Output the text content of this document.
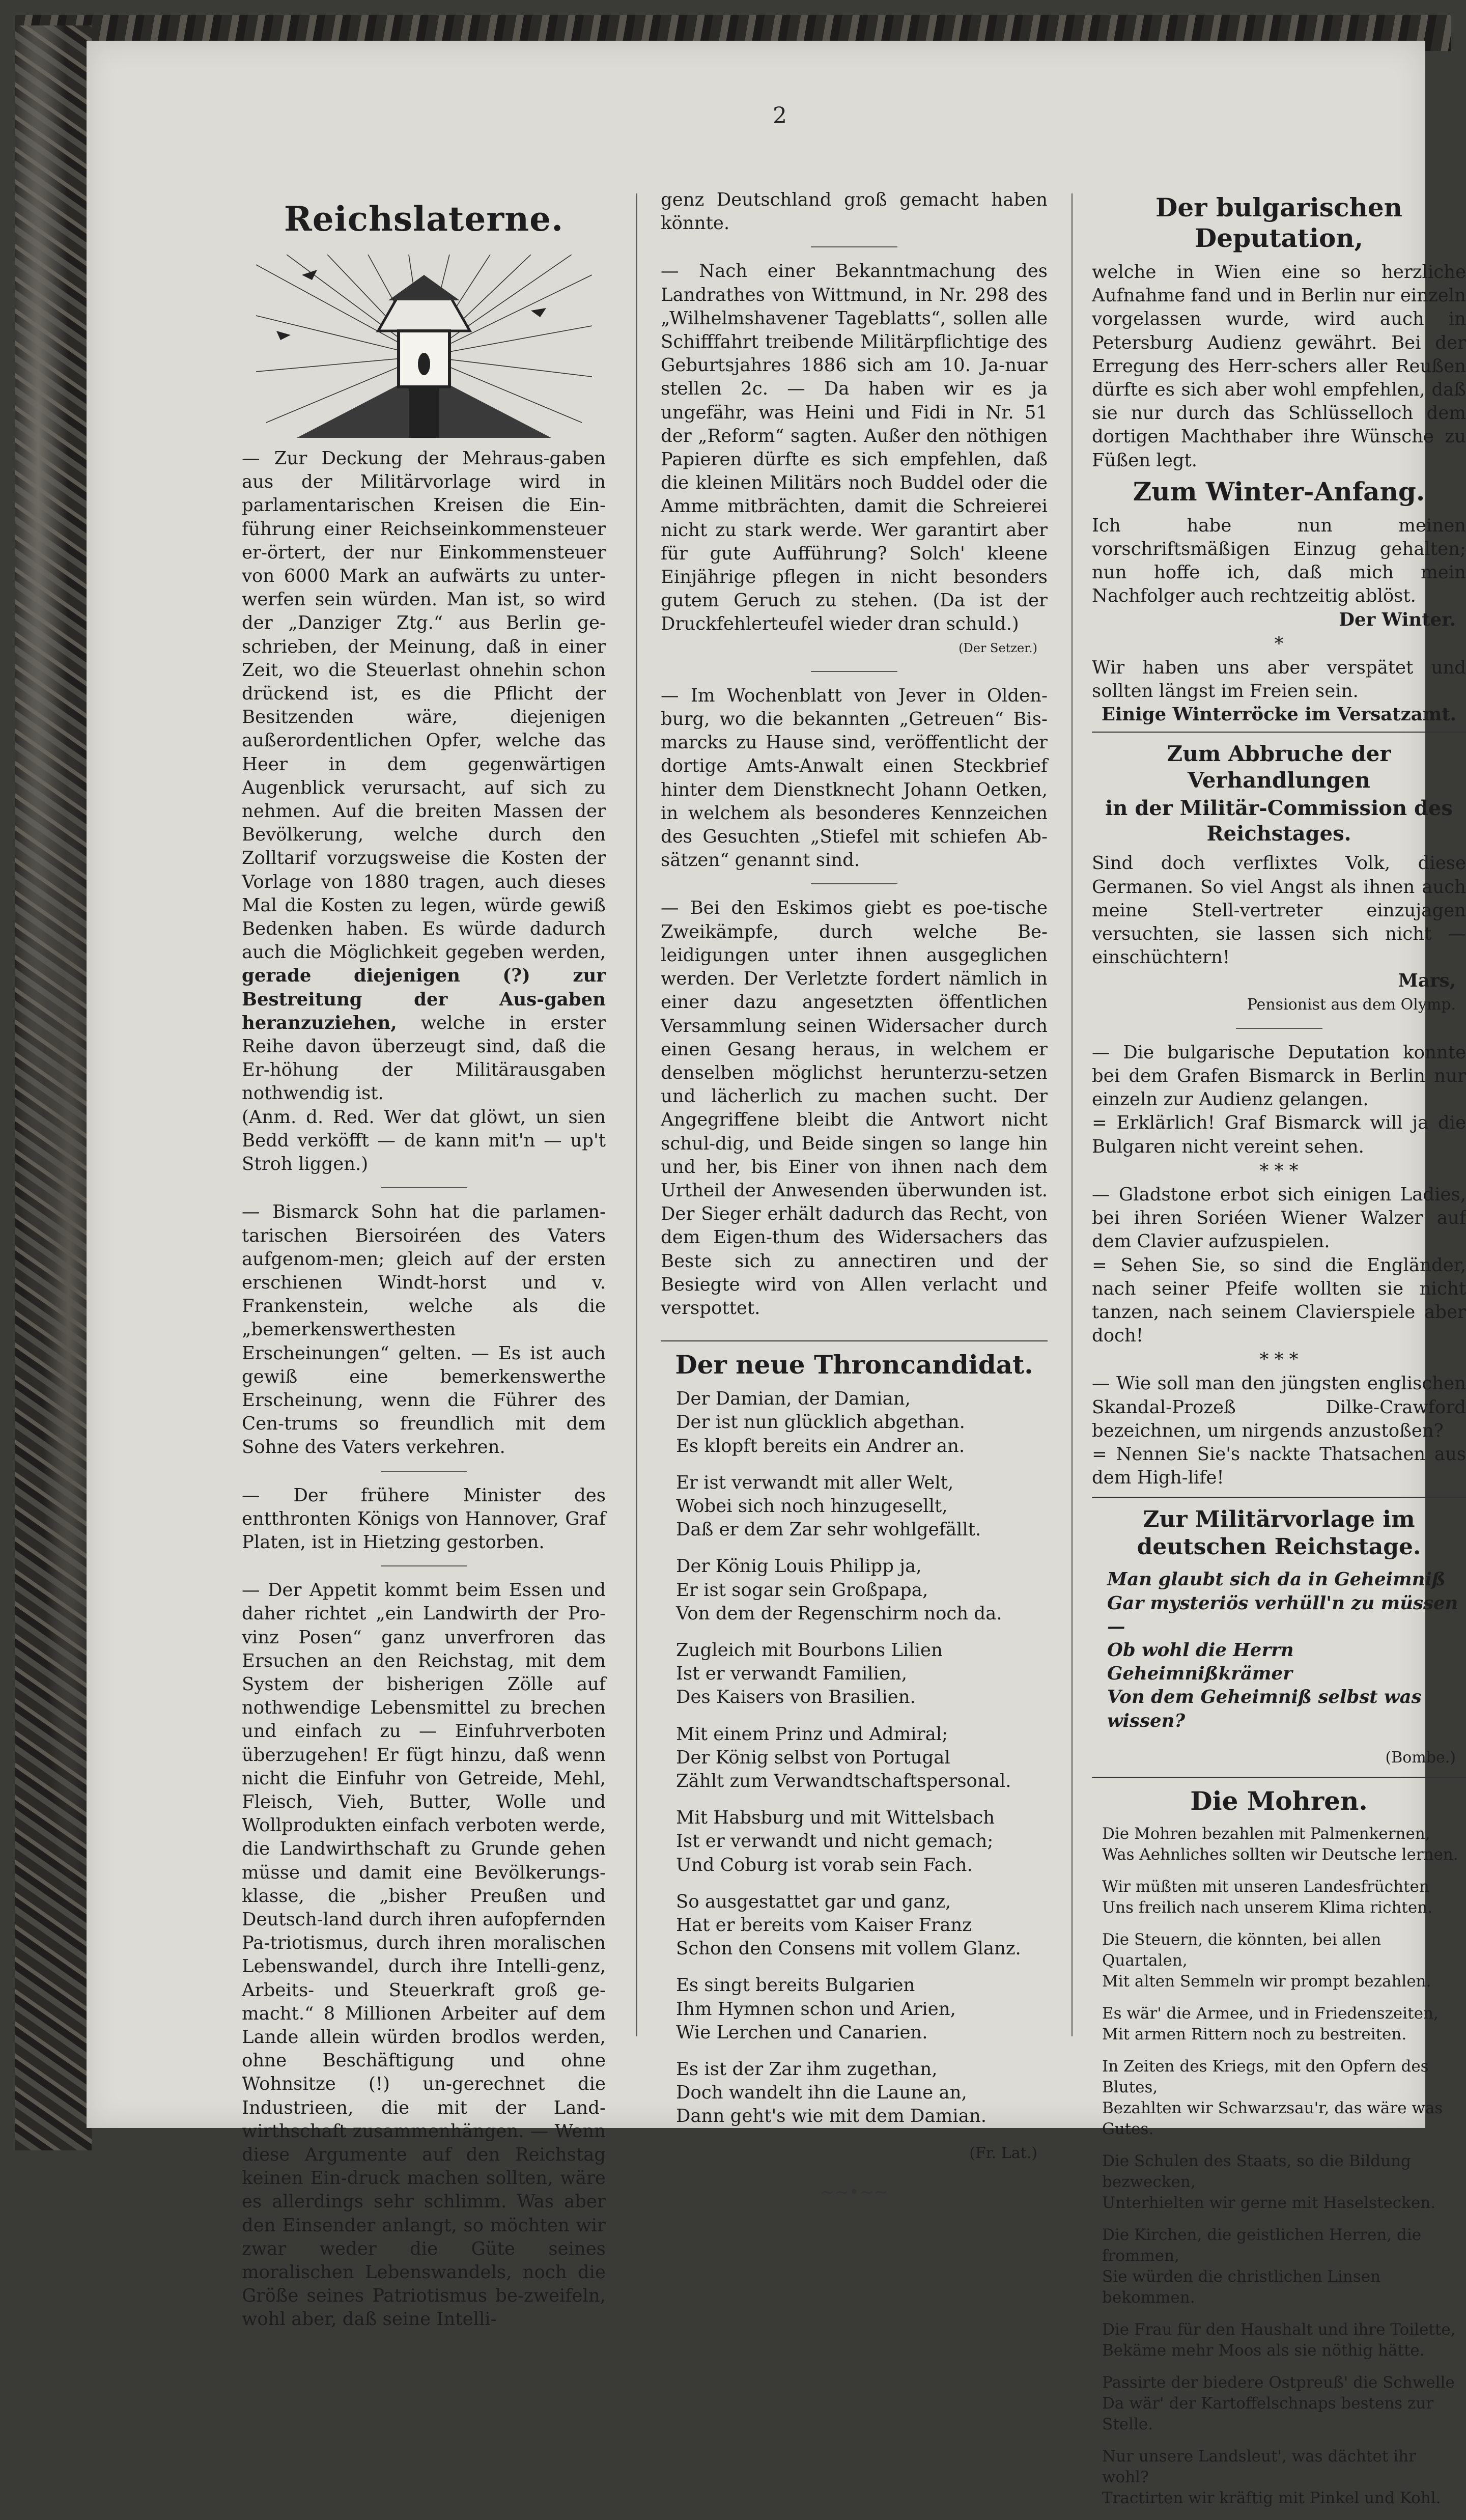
2
Reichslaterne.

— Zur Deckung der Mehraus-gaben aus der Militärvorlage wird in parlamentarischen Kreisen die Ein-führung einer Reichseinkommensteuer er-örtert, der nur Einkommensteuer von 6000 Mark an aufwärts zu unter-werfen sein würden. Man ist, so wird der „Danziger Ztg.“ aus Berlin ge-schrieben, der Meinung, daß in einer Zeit, wo die Steuerlast ohnehin schon drückend ist, es die Pflicht der Besitzenden wäre, diejenigen außerordentlichen Opfer, welche das Heer in dem gegenwärtigen Augenblick verursacht, auf sich zu nehmen. Auf die breiten Massen der Bevölkerung, welche durch den Zolltarif vorzugsweise die Kosten der Vorlage von 1880 tragen, auch dieses Mal die Kosten zu legen, würde gewiß Bedenken haben. Es würde dadurch auch die Möglichkeit gegeben werden, gerade diejenigen (?) zur Bestreitung der Aus-gaben heranzuziehen, welche in erster Reihe davon überzeugt sind, daß die Er-höhung der Militärausgaben nothwendig ist.

(Anm. d. Red. Wer dat glöwt, un sien Bedd verköfft — de kann mit'n — up't Stroh liggen.)

— Bismarck Sohn hat die parlamen-tarischen Biersoiréen des Vaters aufgenom-men; gleich auf der ersten erschienen Windt-horst und v. Frankenstein, welche als die „bemerkenswerthesten Erscheinungen“ gelten. — Es ist auch gewiß eine bemerkenswerthe Erscheinung, wenn die Führer des Cen-trums so freundlich mit dem Sohne des Vaters verkehren.

— Der frühere Minister des entthronten Königs von Hannover, Graf Platen, ist in Hietzing gestorben.

— Der Appetit kommt beim Essen und daher richtet „ein Landwirth der Pro-vinz Posen“ ganz unverfroren das Ersuchen an den Reichstag, mit dem System der bisherigen Zölle auf nothwendige Lebensmittel zu brechen und einfach zu — Einfuhrverboten überzugehen! Er fügt hinzu, daß wenn nicht die Einfuhr von Getreide, Mehl, Fleisch, Vieh, Butter, Wolle und Wollprodukten einfach verboten werde, die Landwirthschaft zu Grunde gehen müsse und damit eine Bevölkerungs-klasse, die „bisher Preußen und Deutsch-land durch ihren aufopfernden Pa-triotismus, durch ihren moralischen Lebenswandel, durch ihre Intelli-genz, Arbeits- und Steuerkraft groß ge-macht.“ 8 Millionen Arbeiter auf dem Lande allein würden brodlos werden, ohne Beschäftigung und ohne Wohnsitze (!) un-gerechnet die Industrieen, die mit der Land-wirthschaft zusammenhängen. — Wenn diese Argumente auf den Reichstag keinen Ein-druck machen sollten, wäre es allerdings sehr schlimm. Was aber den Einsender anlangt, so möchten wir zwar weder die Güte seines moralischen Lebenswandels, noch die Größe seines Patriotismus be-zweifeln, wohl aber, daß seine Intelli-

genz Deutschland groß gemacht haben könnte.

— Nach einer Bekanntmachung des Landrathes von Wittmund, in Nr. 298 des „Wilhelmshavener Tageblatts“, sollen alle Schifffahrt treibende Militärpflichtige des Geburtsjahres 1886 sich am 10. Ja-nuar stellen 2c. — Da haben wir es ja ungefähr, was Heini und Fidi in Nr. 51 der „Reform“ sagten. Außer den nöthigen Papieren dürfte es sich empfehlen, daß die kleinen Militärs noch Buddel oder die Amme mitbrächten, damit die Schreierei nicht zu stark werde. Wer garantirt aber für gute Aufführung? Solch' kleene Einjährige pflegen in nicht besonders gutem Geruch zu stehen. (Da ist der Druckfehlerteufel wieder dran schuld.)

(Der Setzer.)

— Im Wochenblatt von Jever in Olden-burg, wo die bekannten „Getreuen“ Bis-marcks zu Hause sind, veröffentlicht der dortige Amts-Anwalt einen Steckbrief hinter dem Dienstknecht Johann Oetken, in welchem als besonderes Kennzeichen des Gesuchten „Stiefel mit schiefen Ab-sätzen“ genannt sind.

— Bei den Eskimos giebt es poe-tische Zweikämpfe, durch welche Be-leidigungen unter ihnen ausgeglichen werden. Der Verletzte fordert nämlich in einer dazu angesetzten öffentlichen Versammlung seinen Widersacher durch einen Gesang heraus, in welchem er denselben möglichst herunterzu-setzen und lächerlich zu machen sucht. Der Angegriffene bleibt die Antwort nicht schul-dig, und Beide singen so lange hin und her, bis Einer von ihnen nach dem Urtheil der Anwesenden überwunden ist. Der Sieger erhält dadurch das Recht, von dem Eigen-thum des Widersachers das Beste sich zu annectiren und der Besiegte wird von Allen verlacht und verspottet.

Der neue Throncandidat.
Der Damian, der Damian,
Der ist nun glücklich abgethan.
Es klopft bereits ein Andrer an.
Er ist verwandt mit aller Welt,
Wobei sich noch hinzugesellt,
Daß er dem Zar sehr wohlgefällt.
Der König Louis Philipp ja,
Er ist sogar sein Großpapa,
Von dem der Regenschirm noch da.
Zugleich mit Bourbons Lilien
Ist er verwandt Familien,
Des Kaisers von Brasilien.
Mit einem Prinz und Admiral;
Der König selbst von Portugal
Zählt zum Verwandtschaftspersonal.
Mit Habsburg und mit Wittelsbach
Ist er verwandt und nicht gemach;
Und Coburg ist vorab sein Fach.
So ausgestattet gar und ganz,
Hat er bereits vom Kaiser Franz
Schon den Consens mit vollem Glanz.
Es singt bereits Bulgarien
Ihm Hymnen schon und Arien,
Wie Lerchen und Canarien.
Es ist der Zar ihm zugethan,
Doch wandelt ihn die Laune an,
Dann geht's wie mit dem Damian.
(Fr. Lat.)
~~•~~
Der bulgarischen Deputation,

welche in Wien eine so herzliche Aufnahme fand und in Berlin nur einzeln vorgelassen wurde, wird auch in Petersburg Audienz gewährt. Bei der Erregung des Herr-schers aller Reußen dürfte es sich aber wohl empfehlen, daß sie nur durch das Schlüsselloch dem dortigen Machthaber ihre Wünsche zu Füßen legt.

Zum Winter-Anfang.

Ich habe nun meinen vorschriftsmäßigen Einzug gehalten; nun hoffe ich, daß mich mein Nachfolger auch rechtzeitig ablöst.

Der Winter.
*

Wir haben uns aber verspätet und sollten längst im Freien sein.

Einige Winterröcke im Versatzamt.
Zum Abbruche der Verhandlungen
in der Militär-Commission des Reichstages.

Sind doch verflixtes Volk, diese Germanen. So viel Angst als ihnen auch meine Stell-vertreter einzujagen versuchten, sie lassen sich nicht — einschüchtern!

Mars,
Pensionist aus dem Olymp.

— Die bulgarische Deputation konnte bei dem Grafen Bismarck in Berlin nur einzeln zur Audienz gelangen.

= Erklärlich! Graf Bismarck will ja die Bulgaren nicht vereint sehen.

* * *

— Gladstone erbot sich einigen Ladies, bei ihren Soriéen Wiener Walzer auf dem Clavier aufzuspielen.

= Sehen Sie, so sind die Engländer, nach seiner Pfeife wollten sie nicht tanzen, nach seinem Clavierspiele aber doch!

* * *

— Wie soll man den jüngsten englischen Skandal-Prozeß Dilke-Crawford bezeichnen, um nirgends anzustoßen?

= Nennen Sie's nackte Thatsachen aus dem High-life!

Zur Militärvorlage im deutschen Reichstage.
Man glaubt sich da in Geheimniß
Gar mysteriös verhüll'n zu müssen —
Ob wohl die Herrn Geheimnißkrämer
Von dem Geheimniß selbst was wissen?
(Bombe.)
Die Mohren.
Die Mohren bezahlen mit Palmenkernen,
Was Aehnliches sollten wir Deutsche lernen.
Wir müßten mit unseren Landesfrüchten
Uns freilich nach unserem Klima richten.
Die Steuern, die könnten, bei allen Quartalen,
Mit alten Semmeln wir prompt bezahlen.
Es wär' die Armee, und in Friedenszeiten,
Mit armen Rittern noch zu bestreiten.
In Zeiten des Kriegs, mit den Opfern des Blutes,
Bezahlten wir Schwarzsau'r, das wäre was Gutes.
Die Schulen des Staats, so die Bildung bezwecken,
Unterhielten wir gerne mit Haselstecken.
Die Kirchen, die geistlichen Herren, die frommen,
Sie würden die christlichen Linsen bekommen.
Die Frau für den Haushalt und ihre Toilette,
Bekäme mehr Moos als sie nöthig hätte.
Passirte der biedere Ostpreuß' die Schwelle
Da wär' der Kartoffelschnaps bestens zur Stelle.
Nur unsere Landsleut', was dächtet ihr wohl?
Tractirten wir kräftig mit Pinkel und Kohl.
